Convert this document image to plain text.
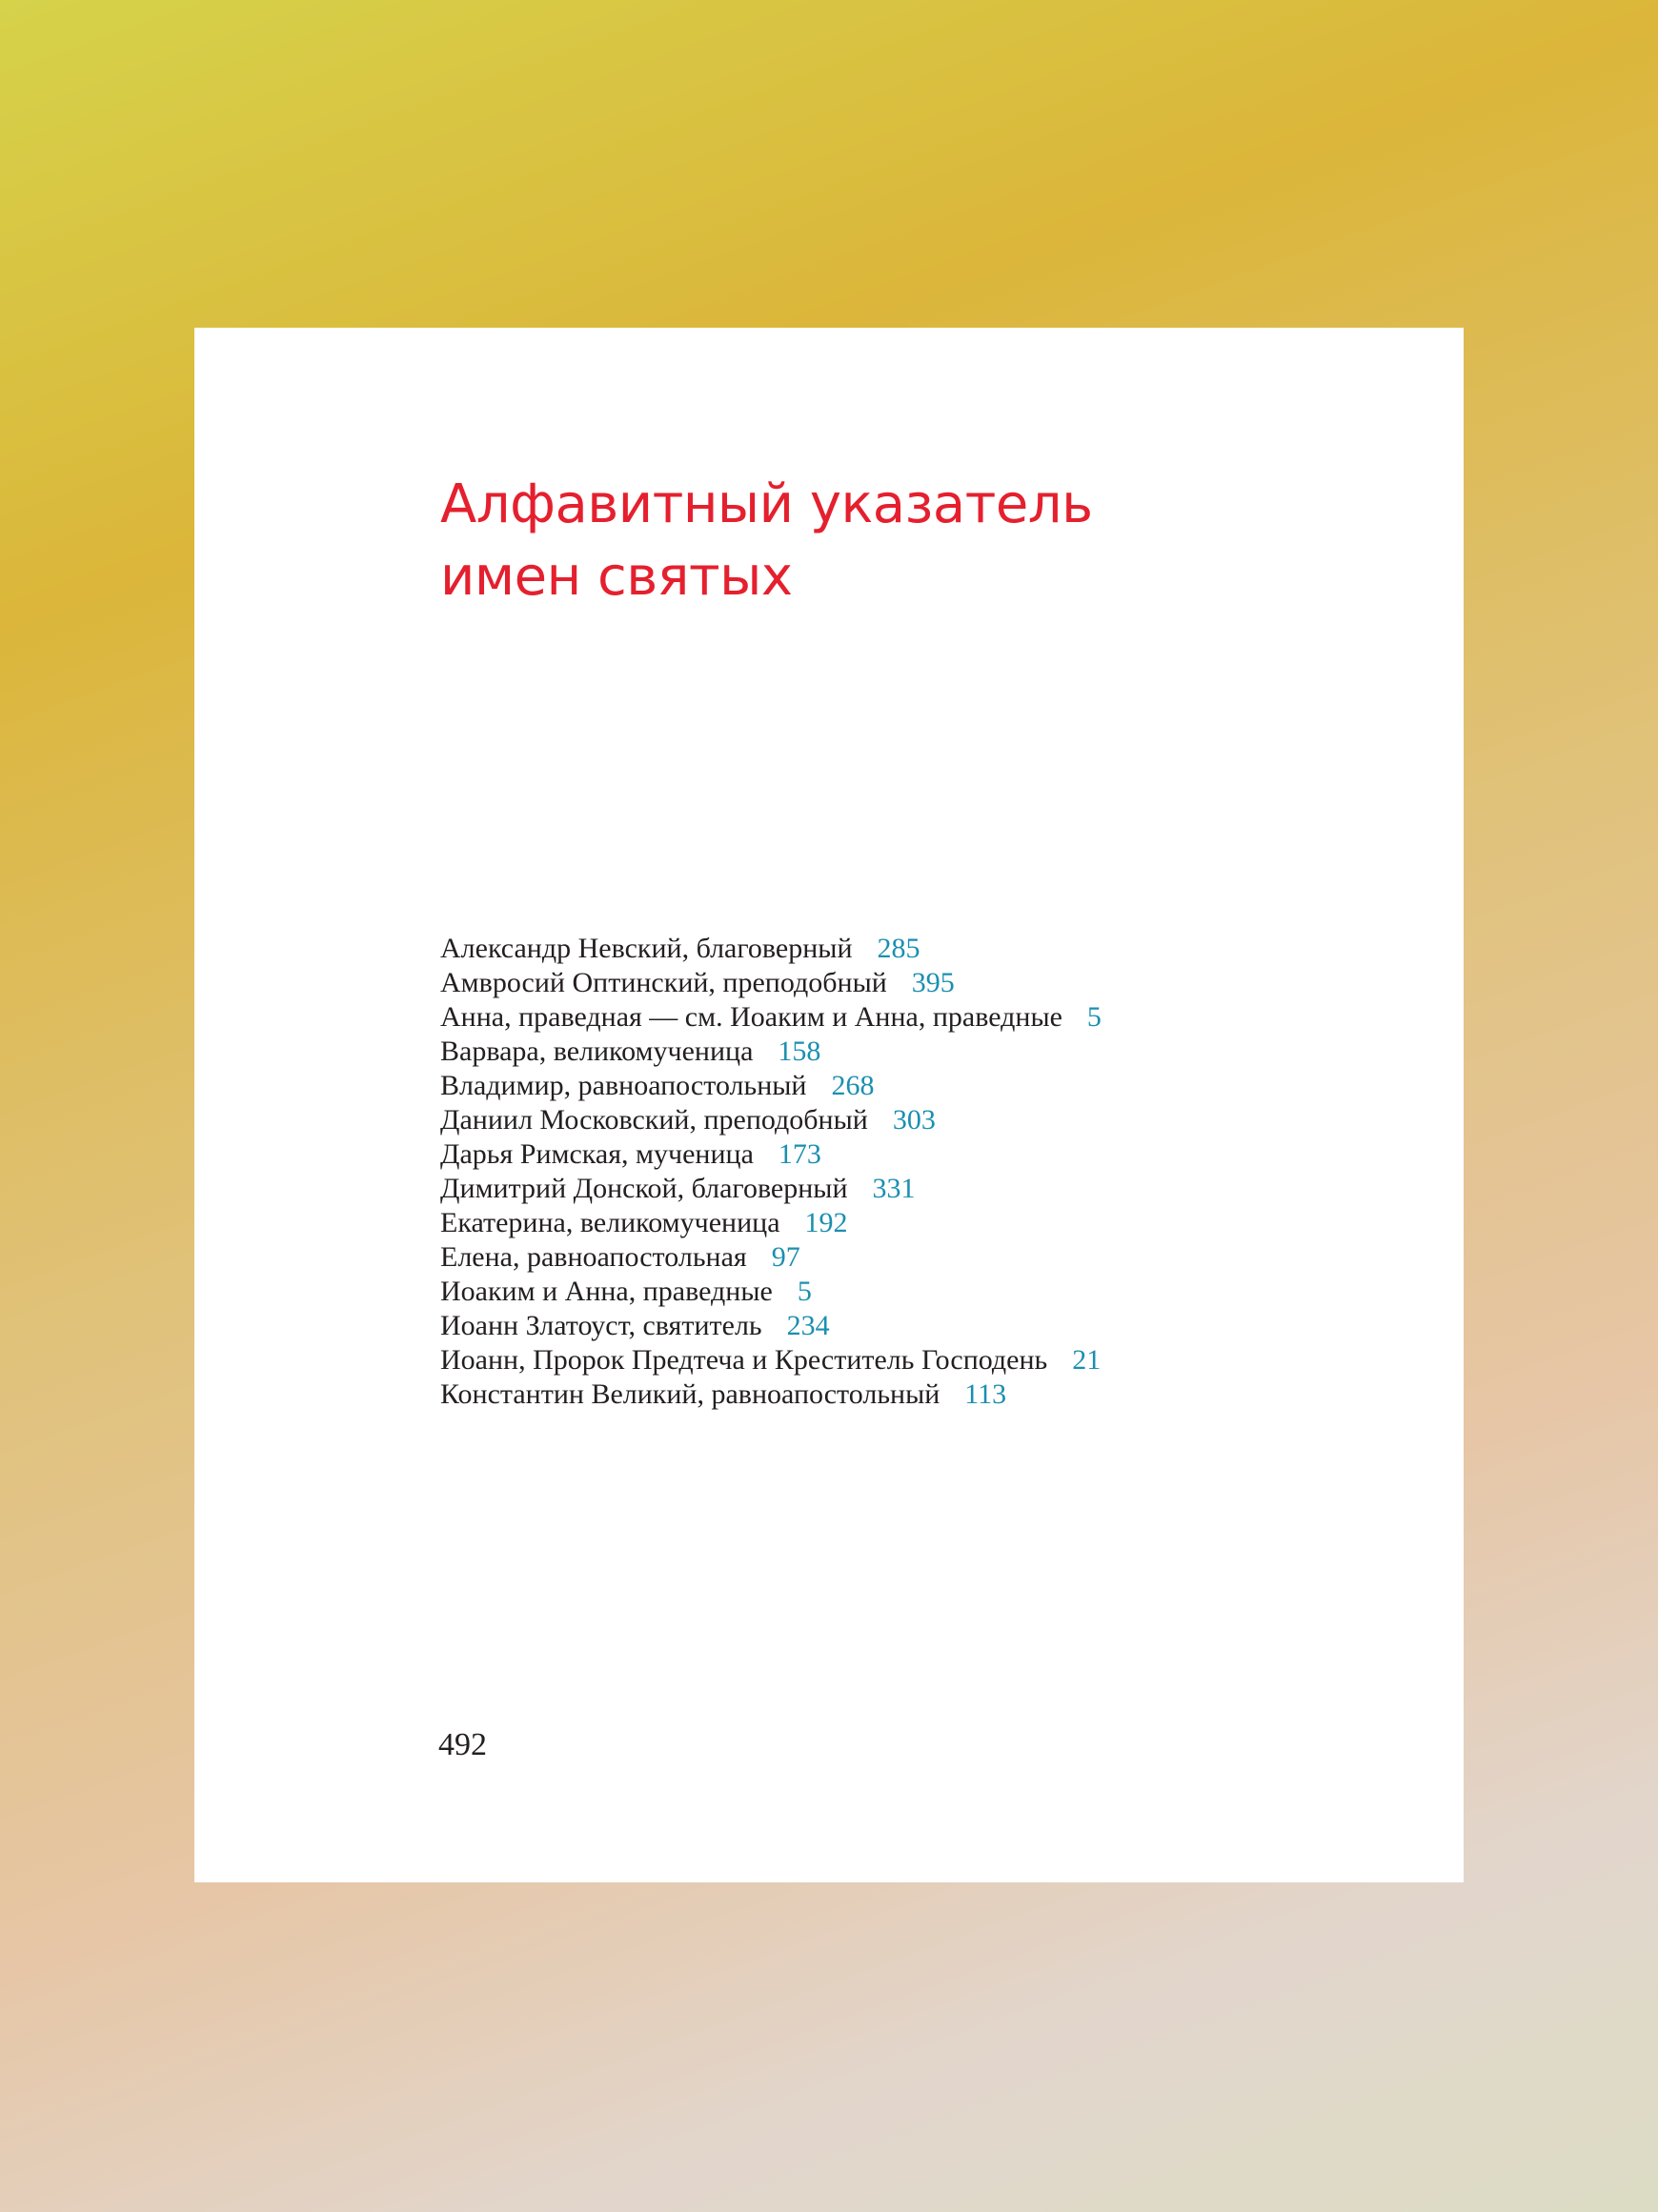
Алфавитный указатель
имен святых
Александр Невский, благоверный 285
Амвросий Оптинский, преподобный 395
Анна, праведная — см. Иоаким и Анна, праведные 5
Варвара, великомученица 158
Владимир, равноапостольный 268
Даниил Московский, преподобный 303
Дарья Римская, мученица 173
Димитрий Донской, благоверный 331
Екатерина, великомученица 192
Елена, равноапостольная 97
Иоаким и Анна, праведные 5
Иоанн Златоуст, святитель 234
Иоанн, Пророк Предтеча и Креститель Господень 21
Константин Великий, равноапостольный 113
492
